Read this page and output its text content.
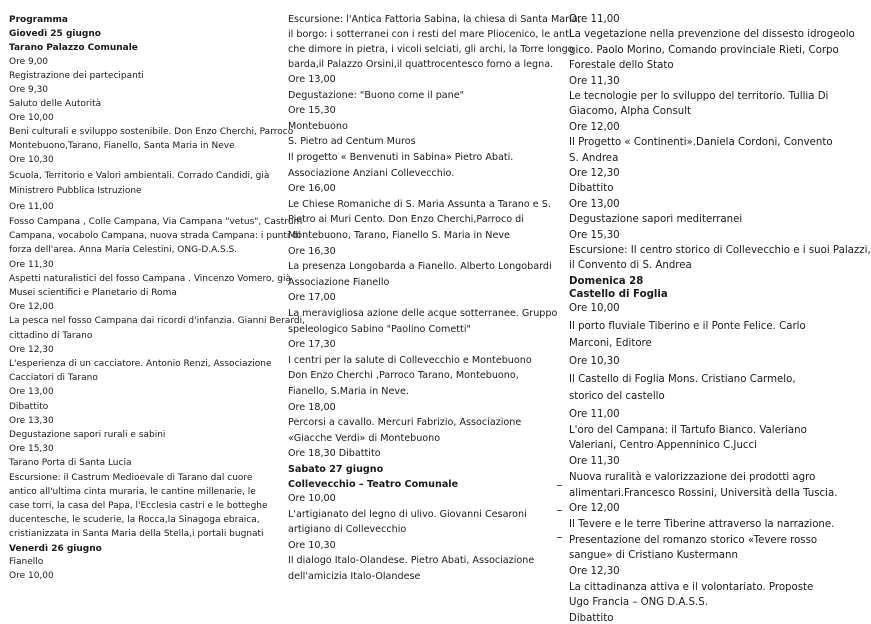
Programma
Giovedì 25 giugno
Tarano Palazzo Comunale
Ore 9,00
Registrazione dei partecipanti
Ore 9,30
Saluto delle Autorità
Ore 10,00
Beni culturali e sviluppo sostenibile. Don Enzo Cherchi, Parroco
Montebuono,Tarano, Fianello, Santa Maria in Neve
Ore 10,30
Scuola, Territorio e Valori ambientali. Corrado Candidi, già
Ministrero Pubblica Istruzione
Ore 11,00
Fosso Campana , Colle Campana, Via Campana "vetus", Castrum
Campana, vocabolo Campana, nuova strada Campana: i punti di
forza dell'area. Anna Maria Celestini, ONG-D.A.S.S.
Ore 11,30
Aspetti naturalistici del fosso Campana . Vincenzo Vomero, già
Musei scientifici e Planetario di Roma
Ore 12,00
La pesca nel fosso Campana dai ricordi d'infanzia. Gianni Berardi,
cittadino di Tarano
Ore 12,30
L'esperienza di un cacciatore. Antonio Renzi, Associazione
Cacciatori di Tarano
Ore 13,00
Dibattito
Ore 13,30
Degustazione sapori rurali e sabini
Ore 15,30
Tarano Porta di Santa Lucia
Escursione: il Castrum Medioevale di Tarano dal cuore
antico all'ultima cinta muraria, le cantine millenarie, le
case torri, la casa del Papa, l'Ecclesia castri e le botteghe
ducentesche, le scuderie, la Rocca,la Sinagoga ebraica,
cristianizzata in Santa Maria della Stella,i portali bugnati
Venerdì 26 giugno
Fianello
Ore 10,00
Escursione: l'Antica Fattoria Sabina, la chiesa di Santa Maria,
il borgo: i sotterranei con i resti del mare Pliocenico, le anti
che dimore in pietra, i vicoli selciati, gli archi, la Torre longo
barda,il Palazzo Orsini,il quattrocentesco forno a legna.
Ore 13,00
Degustazione: "Buono come il pane"
Ore 15,30
Montebuono
S. Pietro ad Centum Muros
Il progetto « Benvenuti in Sabina» Pietro Abati.
Associazione Anziani Collevecchio.
Ore 16,00
Le Chiese Romaniche di S. Maria Assunta a Tarano e S.
Pietro ai Muri Cento. Don Enzo Cherchi,Parroco di
Montebuono, Tarano, Fianello S. Maria in Neve
Ore 16,30
La presenza Longobarda a Fianello. Alberto Longobardi
Associazione Fianello
Ore 17,00
La meravigliosa azione delle acque sotterranee. Gruppo
speleologico Sabino "Paolino Cometti"
Ore 17,30
I centri per la salute di Collevecchio e Montebuono
Don Enzo Cherchi ,Parroco Tarano, Montebuono,
Fianello, S.Maria in Neve.
Ore 18,00
Percorsi a cavallo. Mercuri Fabrizio, Associazione
«Giacche Verdi» di Montebuono
Ore 18,30 Dibattito
Sabato 27 giugno
Collevecchio – Teatro Comunale
Ore 10,00
L'artigianato del legno di ulivo. Giovanni Cesaroni
artigiano di Collevecchio
Ore 10,30
Il dialogo Italo-Olandese. Pietro Abati, Associazione
dell'amicizia Italo-Olandese
Ore 11,00
La vegetazione nella prevenzione del dissesto idrogeolo
gico. Paolo Morino, Comando provinciale Rieti, Corpo
Forestale dello Stato
Ore 11,30
Le tecnologie per lo sviluppo del territorio. Tullia Di
Giacomo, Alpha Consult
Ore 12,00
Il Progetto « Continenti».Daniela Cordoni, Convento
S. Andrea
Ore 12,30
Dibattito
Ore 13,00
Degustazione sapori mediterranei
Ore 15,30
Escursione: Il centro storico di Collevecchio e i suoi Palazzi,
il Convento di S. Andrea
Domenica 28
Castello di Foglia
Ore 10,00
Il porto fluviale Tiberino e il Ponte Felice. Carlo
Marconi, Editore
Ore 10,30
Il Castello di Foglia Mons. Cristiano Carmelo,
storico del castello
Ore 11,00
L'oro del Campana: il Tartufo Bianco. Valeriano
Valeriani, Centro Appenninico C.Jucci
Ore 11,30
Nuova ruralità e valorizzazione dei prodotti agro
alimentari.Francesco Rossini, Università della Tuscia.
Ore 12,00
Il Tevere e le terre Tiberine attraverso la narrazione.
Presentazione del romanzo storico «Tevere rosso
sangue» di Cristiano Kustermann
Ore 12,30
La cittadinanza attiva e il volontariato. Proposte
Ugo Francia – ONG D.A.S.S.
Dibattito
